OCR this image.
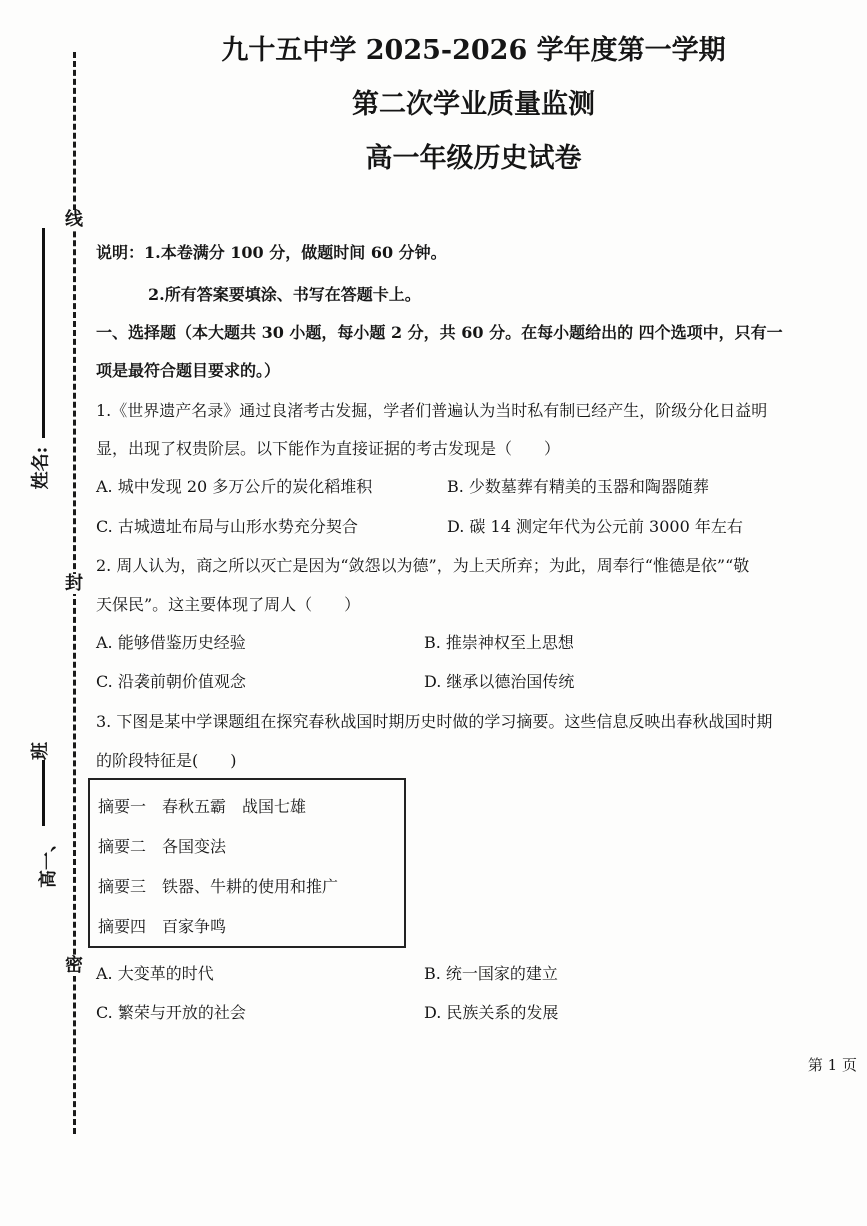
线
封
密
姓名:
高一、
班
九十五中学 2025-2026 学年度第一学期
第二次学业质量监测
高一年级历史试卷
说明：1.本卷满分 100 分，做题时间 60 分钟。
2.所有答案要填涂、书写在答题卡上。
一、选择题（本大题共 30 小题，每小题 2 分，共 60 分。在每小题给出的 四个选项中，只有一
项是最符合题目要求的。）
1.《世界遗产名录》通过良渚考古发掘，学者们普遍认为当时私有制已经产生，阶级分化日益明
显，出现了权贵阶层。以下能作为直接证据的考古发现是（　　）
A. 城中发现 20 多万公斤的炭化稻堆积	B. 少数墓葬有精美的玉器和陶器随葬
C. 古城遗址布局与山形水势充分契合	D. 碳 14 测定年代为公元前 3000 年左右
2. 周人认为，商之所以灭亡是因为“敛怨以为德”，为上天所弃；为此，周奉行“惟德是依”“敬
天保民”。这主要体现了周人（　　）
A. 能够借鉴历史经验	B. 推崇神权至上思想
C. 沿袭前朝价值观念	D. 继承以德治国传统
3. 下图是某中学课题组在探究春秋战国时期历史时做的学习摘要。这些信息反映出春秋战国时期
的阶段特征是(　　)
摘要一　春秋五霸　战国七雄
摘要二　各国变法
摘要三　铁器、牛耕的使用和推广
摘要四　百家争鸣
A. 大变革的时代	B. 统一国家的建立
C. 繁荣与开放的社会	D. 民族关系的发展
第 1 页
